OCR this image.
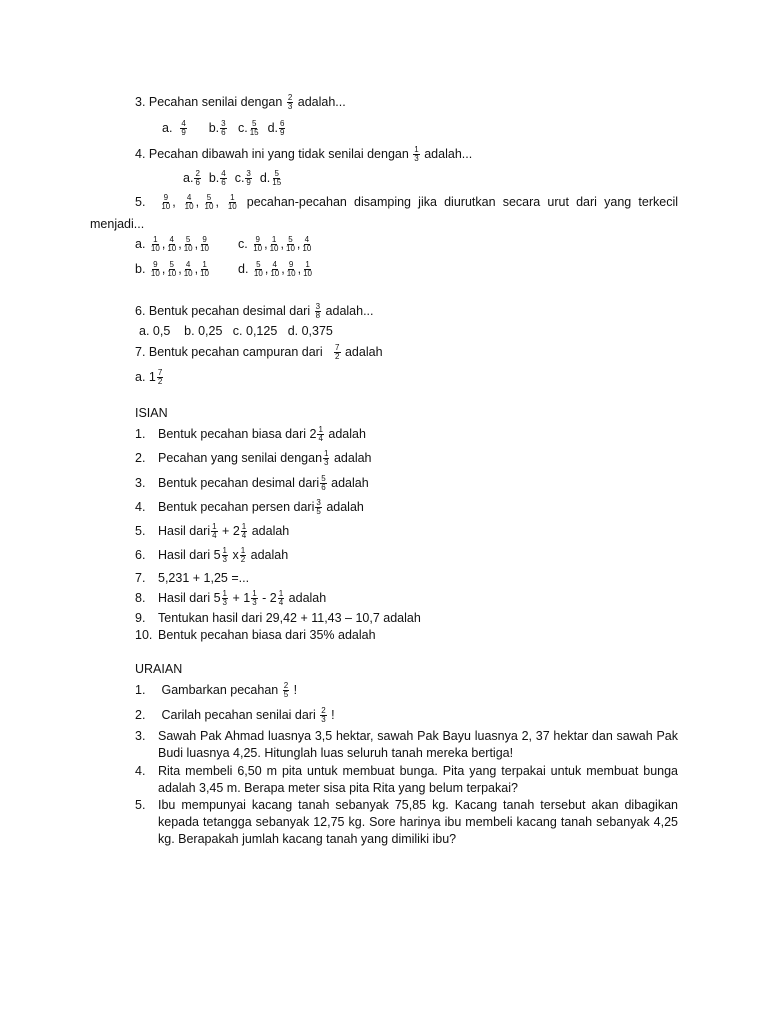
3. Pecahan senilai dengan $\frac{2}{3}$ adalah...
a. $\frac{4}{9} b$. $\frac{3}{6} c$. $\frac{5}{15} d$. $\frac{6}{9}$
4. Pecahan dibawah ini yang tidak senilai dengan $\frac{1}{3}$ adalah...
a. $\frac{2}{6} b$. $\frac{4}{6} c$. $\frac{3}{9} d$. $\frac{5}{15}$
5. $\frac{9}{10}$ , $\frac{4}{10}$ , $\frac{5}{10}$ , $\frac{1}{10}$ pecahan-pecahan disamping jika diurutkan secara urut dari yang terkecil
menjadi...
a. $\frac{1}{10}$ , $\frac{4}{10}$ , $\frac{5}{10}$ , $\frac{9}{10} c$. $\frac{9}{10}$ , $\frac{1}{10}$ , $\frac{5}{10}$ , $\frac{4}{10}$
b. $\frac{9}{10}$ , $\frac{5}{10}$ , $\frac{4}{10}$ , $\frac{1}{10} d$. $\frac{5}{10}$ , $\frac{4}{10}$ , $\frac{9}{10}$ , $\frac{1}{10}$
6. Bentuk pecahan desimal dari $\frac{3}{8}$ adalah...
a. 0,5    b. 0,25   c. 0,125   d. 0,375
7. Bentuk pecahan campuran dari $\frac{7}{2}$ adalah
a. $1 \frac{7}{2}$
ISIAN
1. Bentuk pecahan biasa dari $2 \frac{1}{4}$ adalah
2. Pecahan yang senilai dengan $\frac{1}{3}$ adalah
3. Bentuk pecahan desimal dari $\frac{5}{6}$ adalah
4. Bentuk pecahan persen dari $\frac{3}{5}$ adalah
5. Hasil dari $\frac{1}{4} + 2 \frac{1}{4}$ adalah
6. Hasil dari $5 \frac{1}{3}$ x $\frac{1}{2}$ adalah
7. 5,231 + 1,25 =...
8. Hasil dari $5 \frac{1}{3} + 1 \frac{1}{3} - 2 \frac{1}{4}$ adalah
9. Tentukan hasil dari 29,42 + 11,43 – 10,7 adalah
10. Bentuk pecahan biasa dari 35% adalah
URAIAN
1. Gambarkan pecahan $\frac{2}{5}$ !
2. Carilah pecahan senilai dari $\frac{2}{3}$ !
3. Sawah Pak Ahmad luasnya 3,5 hektar, sawah Pak Bayu luasnya 2, 37 hektar dan sawah Pak
Budi luasnya 4,25. Hitunglah luas seluruh tanah mereka bertiga!
4. Rita membeli 6,50 m pita untuk membuat bunga. Pita yang terpakai untuk membuat bunga
adalah 3,45 m. Berapa meter sisa pita Rita yang belum terpakai?
5. Ibu mempunyai kacang tanah sebanyak 75,85 kg. Kacang tanah tersebut akan dibagikan
kepada tetangga sebanyak 12,75 kg. Sore harinya ibu membeli kacang tanah sebanyak 4,25
kg. Berapakah jumlah kacang tanah yang dimiliki ibu?
